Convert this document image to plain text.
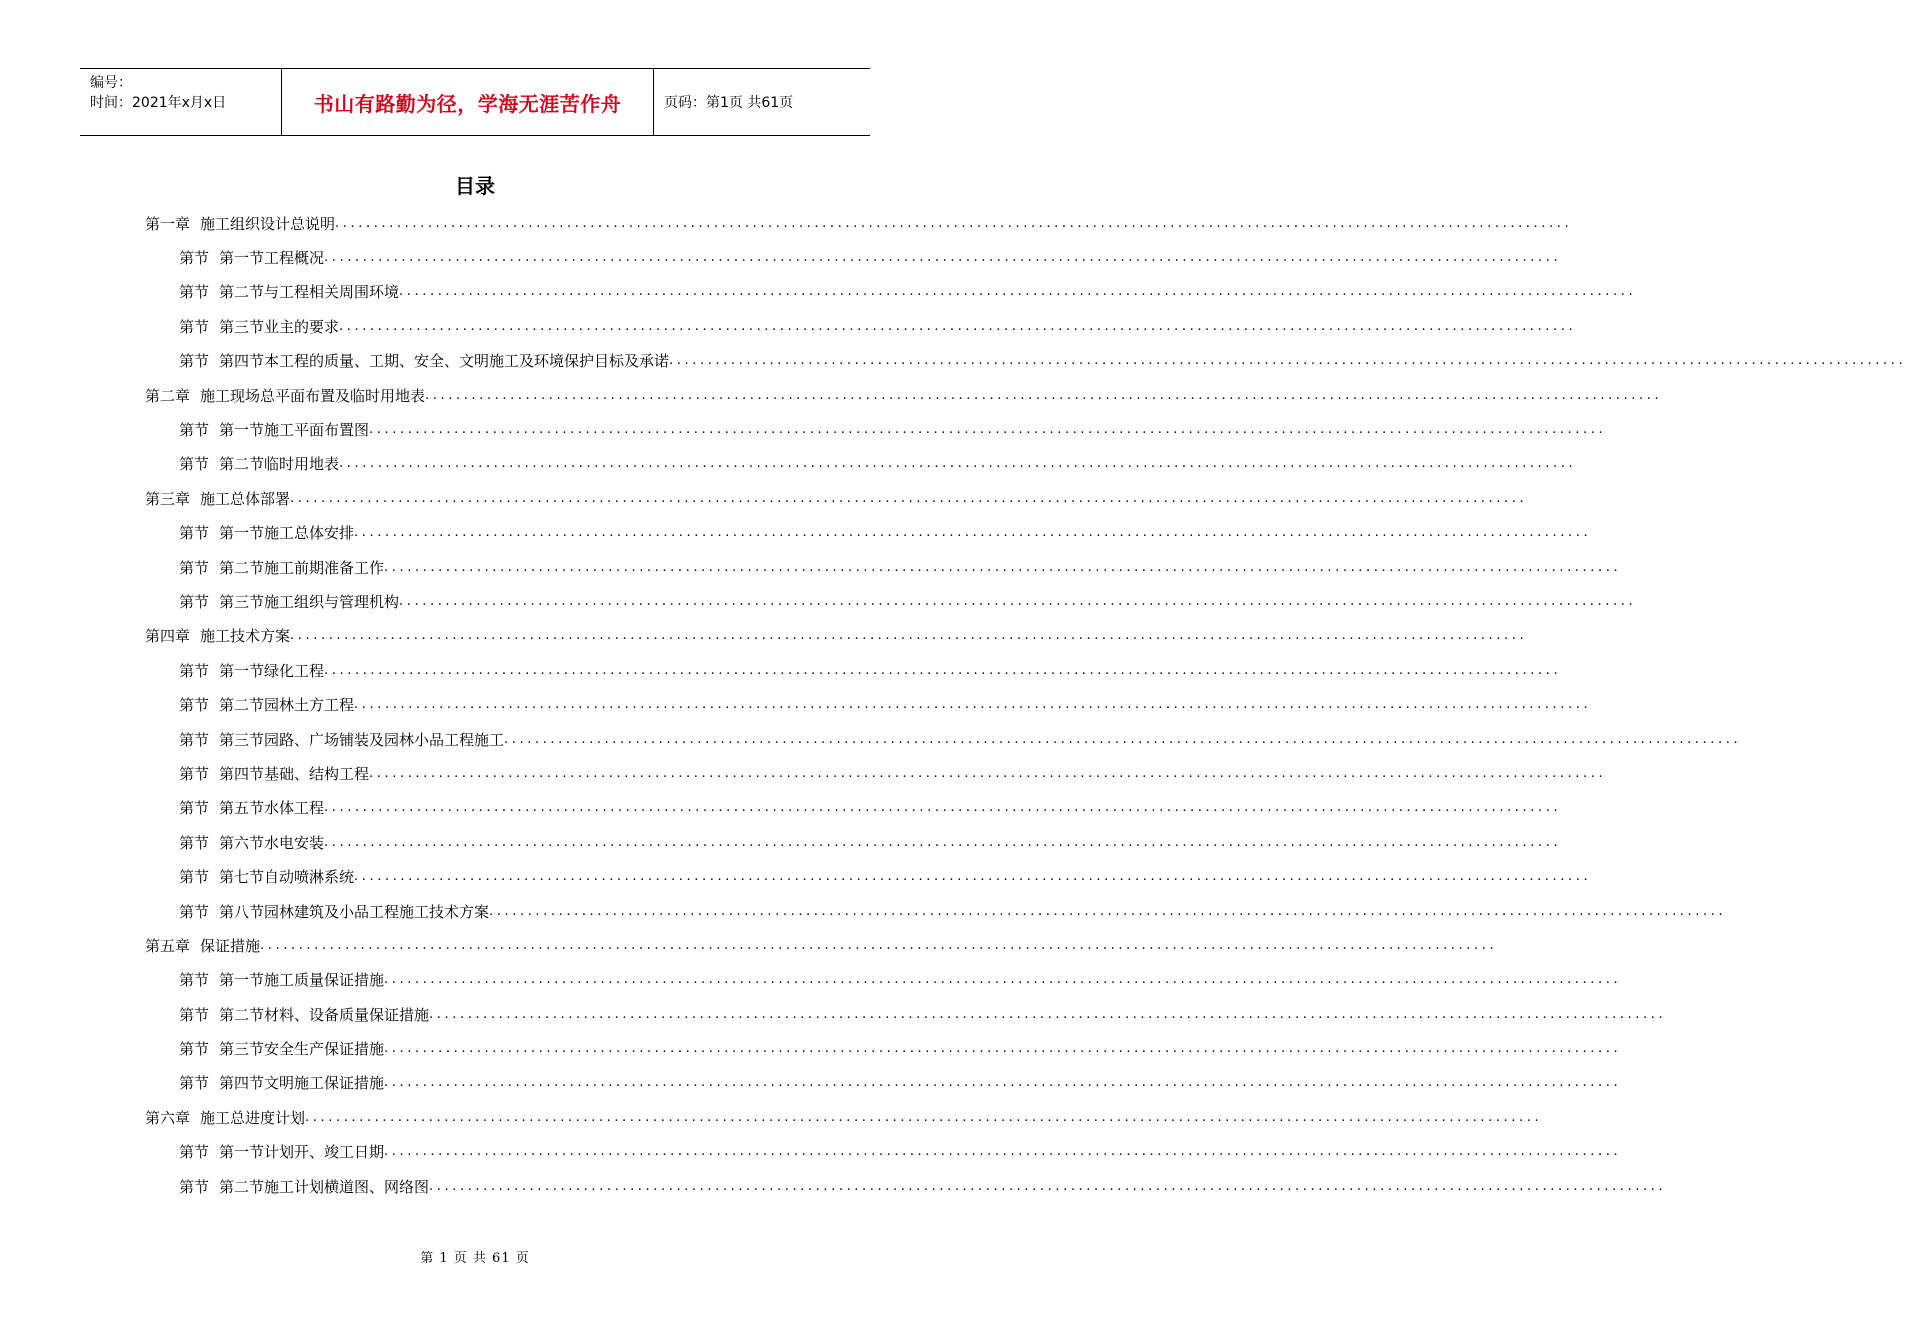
编号：
时间：2021年x月x日	书山有路勤为径，学海无涯苦作舟	页码：第1页 共61页
目录
第一章 施工组织设计总说明 ................................................................................................................................................................
第节 第一节工程概况 ................................................................................................................................................................
第节 第二节与工程相关周围环境 ................................................................................................................................................................
第节 第三节业主的要求 ................................................................................................................................................................
第节 第四节本工程的质量、工期、安全、文明施工及环境保护目标及承诺 ................................................................................................................................................................
第二章 施工现场总平面布置及临时用地表 ................................................................................................................................................................
第节 第一节施工平面布置图 ................................................................................................................................................................
第节 第二节临时用地表 ................................................................................................................................................................
第三章 施工总体部署 ................................................................................................................................................................
第节 第一节施工总体安排 ................................................................................................................................................................
第节 第二节施工前期准备工作 ................................................................................................................................................................
第节 第三节施工组织与管理机构 ................................................................................................................................................................
第四章 施工技术方案 ................................................................................................................................................................
第节 第一节绿化工程 ................................................................................................................................................................
第节 第二节园林土方工程 ................................................................................................................................................................
第节 第三节园路、广场铺装及园林小品工程施工 ................................................................................................................................................................
第节 第四节基础、结构工程 ................................................................................................................................................................
第节 第五节水体工程 ................................................................................................................................................................
第节 第六节水电安装 ................................................................................................................................................................
第节 第七节自动喷淋系统 ................................................................................................................................................................
第节 第八节园林建筑及小品工程施工技术方案 ................................................................................................................................................................
第五章 保证措施 ................................................................................................................................................................
第节 第一节施工质量保证措施 ................................................................................................................................................................
第节 第二节材料、设备质量保证措施 ................................................................................................................................................................
第节 第三节安全生产保证措施 ................................................................................................................................................................
第节 第四节文明施工保证措施 ................................................................................................................................................................
第六章 施工总进度计划 ................................................................................................................................................................
第节 第一节计划开、竣工日期 ................................................................................................................................................................
第节 第二节施工计划横道图、网络图 ................................................................................................................................................................
第 1 页 共 61 页
